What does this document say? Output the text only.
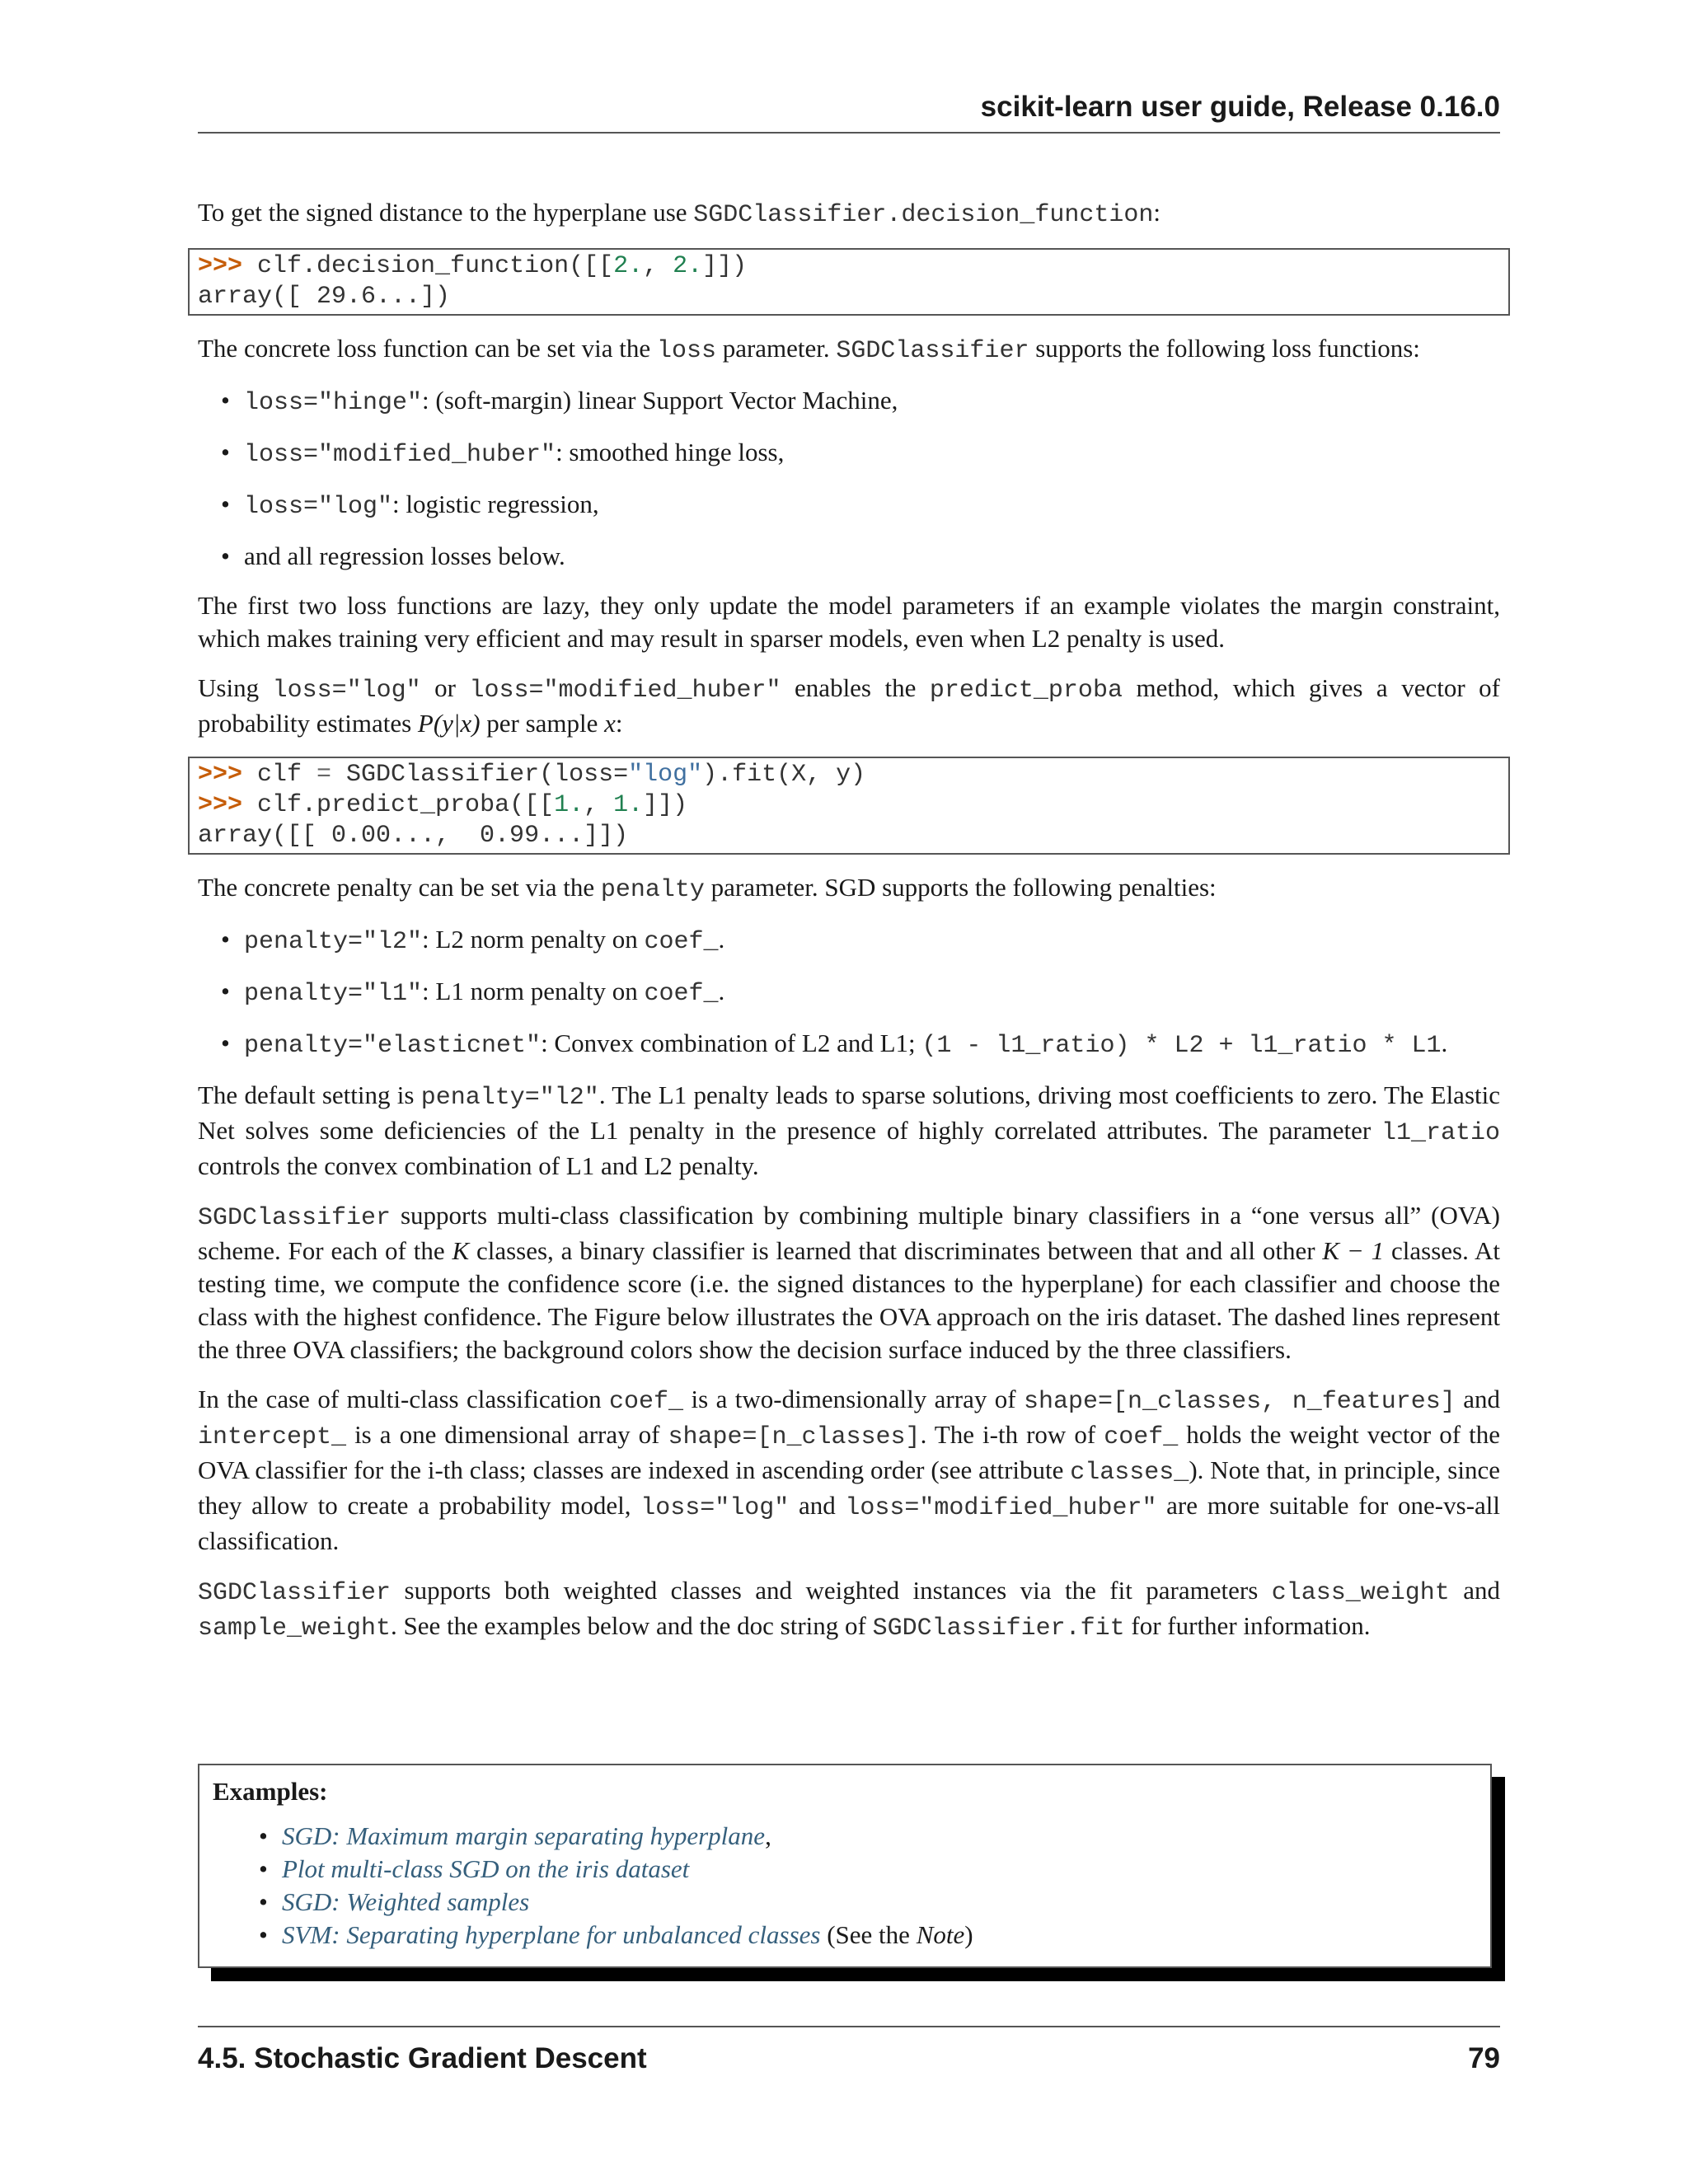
scikit-learn user guide, Release 0.16.0

To get the signed distance to the hyperplane use SGDClassifier.decision_function:

>>> clf.decision_function([[2., 2.]])
array([ 29.6...])

The concrete loss function can be set via the loss parameter. SGDClassifier supports the following loss functions:

• loss="hinge": (soft-margin) linear Support Vector Machine,
• loss="modified_huber": smoothed hinge loss,
• loss="log": logistic regression,
• and all regression losses below.

The first two loss functions are lazy, they only update the model parameters if an example violates the margin constraint, which makes training very efficient and may result in sparser models, even when L2 penalty is used.

Using loss="log" or loss="modified_huber" enables the predict_proba method, which gives a vector of probability estimates P(y|x) per sample x:

>>> clf = SGDClassifier(loss="log").fit(X, y)
>>> clf.predict_proba([[1., 1.]])
array([[ 0.00...,  0.99...]])

The concrete penalty can be set via the penalty parameter. SGD supports the following penalties:

• penalty="l2": L2 norm penalty on coef_.
• penalty="l1": L1 norm penalty on coef_.
• penalty="elasticnet": Convex combination of L2 and L1; (1 - l1_ratio) * L2 + l1_ratio * L1.

The default setting is penalty="l2". The L1 penalty leads to sparse solutions, driving most coefficients to zero. The Elastic Net solves some deficiencies of the L1 penalty in the presence of highly correlated attributes. The parameter l1_ratio controls the convex combination of L1 and L2 penalty.

SGDClassifier supports multi-class classification by combining multiple binary classifiers in a “one versus all” (OVA) scheme. For each of the K classes, a binary classifier is learned that discriminates between that and all other K − 1 classes. At testing time, we compute the confidence score (i.e. the signed distances to the hyperplane) for each classifier and choose the class with the highest confidence. The Figure below illustrates the OVA approach on the iris dataset. The dashed lines represent the three OVA classifiers; the background colors show the decision surface induced by the three classifiers.

In the case of multi-class classification coef_ is a two-dimensionally array of shape=[n_classes, n_features] and intercept_ is a one dimensional array of shape=[n_classes]. The i-th row of coef_ holds the weight vector of the OVA classifier for the i-th class; classes are indexed in ascending order (see attribute classes_). Note that, in principle, since they allow to create a probability model, loss="log" and loss="modified_huber" are more suitable for one-vs-all classification.

SGDClassifier supports both weighted classes and weighted instances via the fit parameters class_weight and sample_weight. See the examples below and the doc string of SGDClassifier.fit for further information.

Examples:
• SGD: Maximum margin separating hyperplane,
• Plot multi-class SGD on the iris dataset
• SGD: Weighted samples
• SVM: Separating hyperplane for unbalanced classes (See the Note)
4.5. Stochastic Gradient Descent	79
